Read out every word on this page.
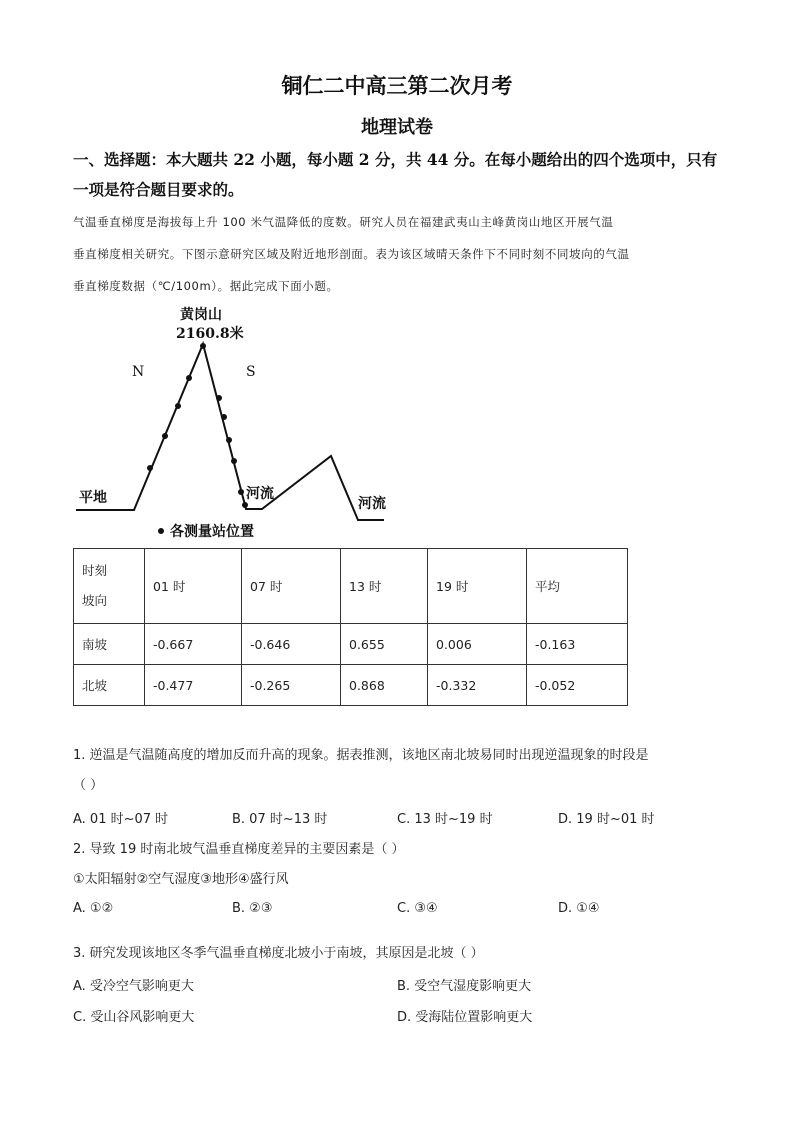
铜仁二中高三第二次月考
地理试卷
一、选择题：本大题共 22 小题，每小题 2 分，共 44 分。在每小题给出的四个选项中，只有
一项是符合题目要求的。
气温垂直梯度是海拔每上升 100 米气温降低的度数。研究人员在福建武夷山主峰黄岗山地区开展气温
垂直梯度相关研究。下图示意研究区域及附近地形剖面。表为该区域晴天条件下不同时刻不同坡向的气温
垂直梯度数据（℃/100m）。据此完成下面小题。
黄岗山
2160.8米
N	S
平地	河流
河流
各测量站位置
时刻
坡向	01 时	07 时	13 时	19 时	平均
南坡	-0.667	-0.646	0.655	0.006	-0.163
北坡	-0.477	-0.265	0.868	-0.332	-0.052
1. 逆温是气温随高度的增加反而升高的现象。据表推测，该地区南北坡易同时出现逆温现象的时段是
（ ）
A. 01 时~07 时	B. 07 时~13 时	C. 13 时~19 时	D. 19 时~01 时
2. 导致 19 时南北坡气温垂直梯度差异的主要因素是（ ）
①太阳辐射②空气湿度③地形④盛行风
A. ①②	B. ②③	C. ③④	D. ①④
3. 研究发现该地区冬季气温垂直梯度北坡小于南坡，其原因是北坡（ ）
A. 受冷空气影响更大	B. 受空气湿度影响更大
C. 受山谷风影响更大	D. 受海陆位置影响更大
